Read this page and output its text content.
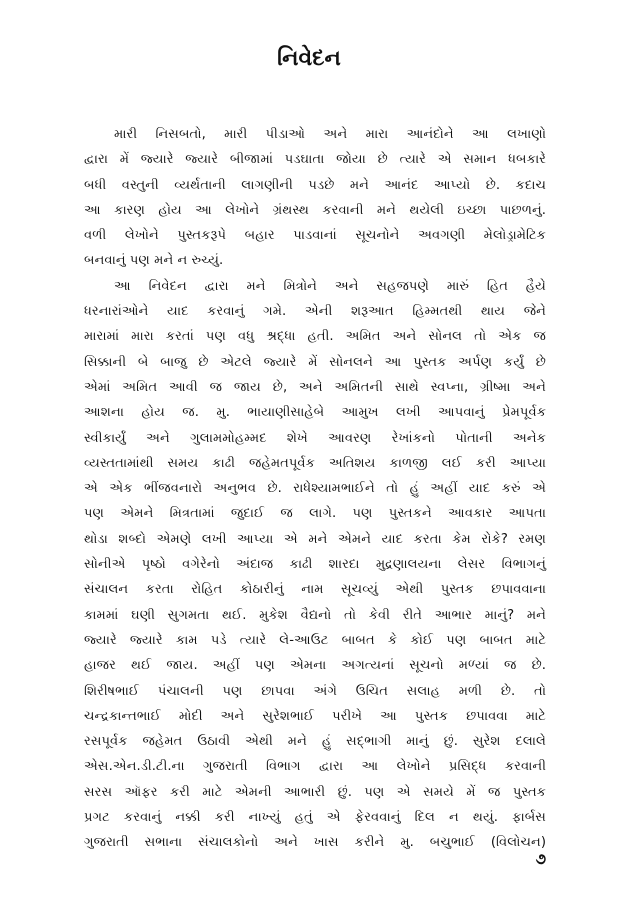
નિવેદન

મારી નિસબતો, મારી પીડાઓ અને મારા આનંદોને આ લખાણો
દ્વારા મેં જ્યારે જ્યારે બીજામાં પડઘાતા જોયા છે ત્યારે એ સમાન ધબકારે
બધી વસ્તુની વ્યર્થતાની લાગણીની પડછે મને આનંદ આપ્યો છે. કદાચ
આ કારણ હોય આ લેખોને ગ્રંથસ્થ કરવાની મને થયેલી ઇચ્છા પાછળનું.
વળી લેખોને પુસ્તકરૂપે બહાર પાડવાનાં સૂચનોને અવગણી મેલોડ્રામેટિક
બનવાનું પણ મને ન રુચ્યું.

આ નિવેદન દ્વારા મને મિત્રોને અને સહજપણે મારું હિત હૈયે
ધરનારાંઓને યાદ કરવાનું ગમે. એની શરૂઆત હિમ્મતથી થાય જેને
મારામાં મારા કરતાં પણ વધુ શ્રદ્ધા હતી. અમિત અને સોનલ તો એક જ
સિક્કાની બે બાજુ છે એટલે જ્યારે મેં સોનલને આ પુસ્તક અર્પણ કર્યું છે
એમાં અમિત આવી જ જાય છે, અને અમિતની સાથે સ્વપ્ના, ગ્રીષ્મા અને
આશના હોય જ. મુ. ભાયાણીસાહેબે આમુખ લખી આપવાનું પ્રેમપૂર્વક
સ્વીકાર્યું અને ગુલામમોહમ્મદ શેખે આવરણ રેખાંકનો પોતાની અનેક
વ્યસ્તતામાંથી સમય કાઢી જહેમતપૂર્વક અતિશય કાળજી લઈ કરી આપ્યા
એ એક ભીંજવનારો અનુભવ છે. રાધેશ્યામભાઈને તો હું અહીં યાદ કરું એ
પણ એમને મિત્રતામાં જુદાઈ જ લાગે. પણ પુસ્તકને આવકાર આપતા
થોડા શબ્દો એમણે લખી આપ્યા એ મને એમને યાદ કરતા કેમ રોકે? રમણ
સોનીએ પૃષ્ઠો વગેરેનો અંદાજ કાઢી શારદા મુદ્રણાલયના લેસર વિભાગનું
સંચાલન કરતા રોહિત કોઠારીનું નામ સૂચવ્યું એથી પુસ્તક છપાવવાના
કામમાં ઘણી સુગમતા થઈ. મુકેશ વૈદ્યનો તો કેવી રીતે આભાર માનું? મને
જ્યારે જ્યારે કામ પડે ત્યારે લે-આઉટ બાબત કે કોઈ પણ બાબત માટે
હાજર થઈ જાય. અહીં પણ એમના અગત્યનાં સૂચનો મળ્યાં જ છે.
શિરીષભાઈ પંચાલની પણ છાપવા અંગે ઉચિત સલાહ મળી છે. તો
ચન્દ્રકાન્તભાઈ મોદી અને સુરેશભાઈ પરીખે આ પુસ્તક છપાવવા માટે
રસપૂર્વક જહેમત ઉઠાવી એથી મને હું સદ્ભાગી માનું છું. સુરેશ દલાલે
એસ.એન.ડી.ટી.ના ગુજરાતી વિભાગ દ્વારા આ લેખોને પ્રસિદ્ધ કરવાની
સરસ ઑફર કરી માટે એમની આભારી છું. પણ એ સમયે મેં જ પુસ્તક
પ્રગટ કરવાનું નક્કી કરી નાખ્યું હતું એ ફેરવવાનું દિલ ન થયું. ફાર્બસ
ગુજરાતી સભાના સંચાલકોનો અને ખાસ કરીને મુ. બચુભાઈ (વિલોચન)

૭
